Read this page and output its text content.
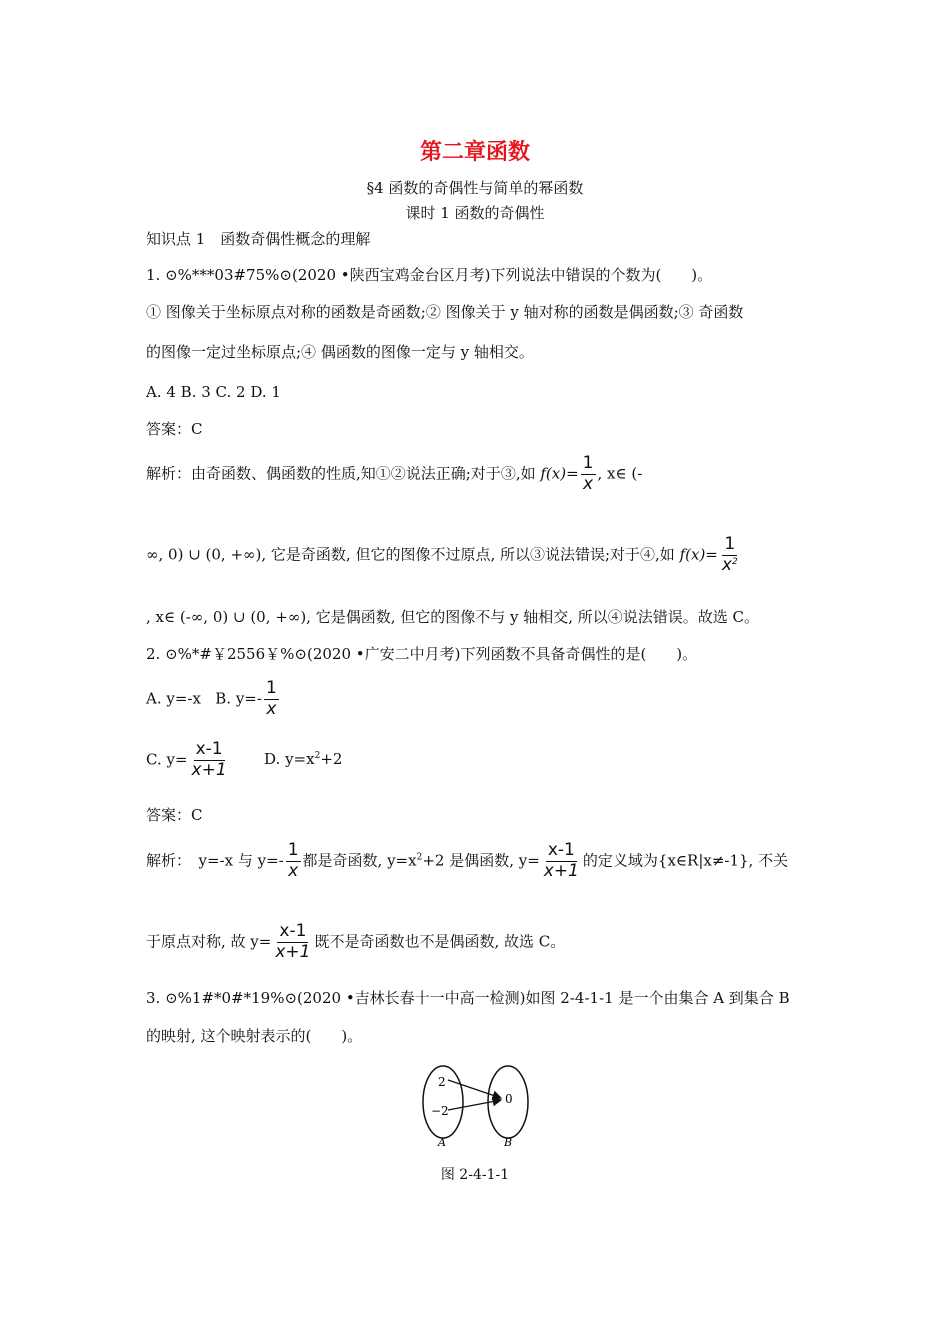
第二章函数
§4 函数的奇偶性与简单的幂函数
课时 1 函数的奇偶性
知识点 1　函数奇偶性概念的理解
1. ⊙%***03#75%⊙(2020 •陕西宝鸡金台区月考)下列说法中错误的个数为(　　)。
① 图像关于坐标原点对称的函数是奇函数;② 图像关于 y 轴对称的函数是偶函数;③ 奇函数
的图像一定过坐标原点;④ 偶函数的图像一定与 y 轴相交。
A. 4 B. 3 C. 2 D. 1
答案：C
解析：由奇函数、偶函数的性质,知①②说法正确;对于③,如 $f(x)= \frac{1}{x}$ , x∈ (-
∞, 0) ∪ (0, +∞), 它是奇函数, 但它的图像不过原点, 所以③说法错误;对于④,如 $f(x)= \frac{1}{x^2}$
, x∈ (-∞, 0) ∪ (0, +∞), 它是偶函数, 但它的图像不与 y 轴相交, 所以④说法错误。故选 C。
2. ⊙%*#￥2556￥%⊙(2020 •广安二中月考)下列函数不具备奇偶性的是(　　)。
A. y=-x B. $y=- \frac{1}{x}$
C. $y= \frac{x-1}{x+1} D$. $y=x^2+2$
答案：C
解析：　y=-x 与 $y=- \frac{1}{x}$ 都是奇函数, $y=x^2+2$ 是偶函数, $y= \frac{x-1}{x+1}$ 的定义域为{x∈R|x≠-1}, 不关
于原点对称, 故 $y= \frac{x-1}{x+1}$ 既不是奇函数也不是偶函数, 故选 C。
3. ⊙%1#*0#*19%⊙(2020 •吉林长春十一中高一检测)如图 2-4-1-1 是一个由集合 A 到集合 B
的映射, 这个映射表示的(　　)。
2
−2
0
A	B
图 2-4-1-1
